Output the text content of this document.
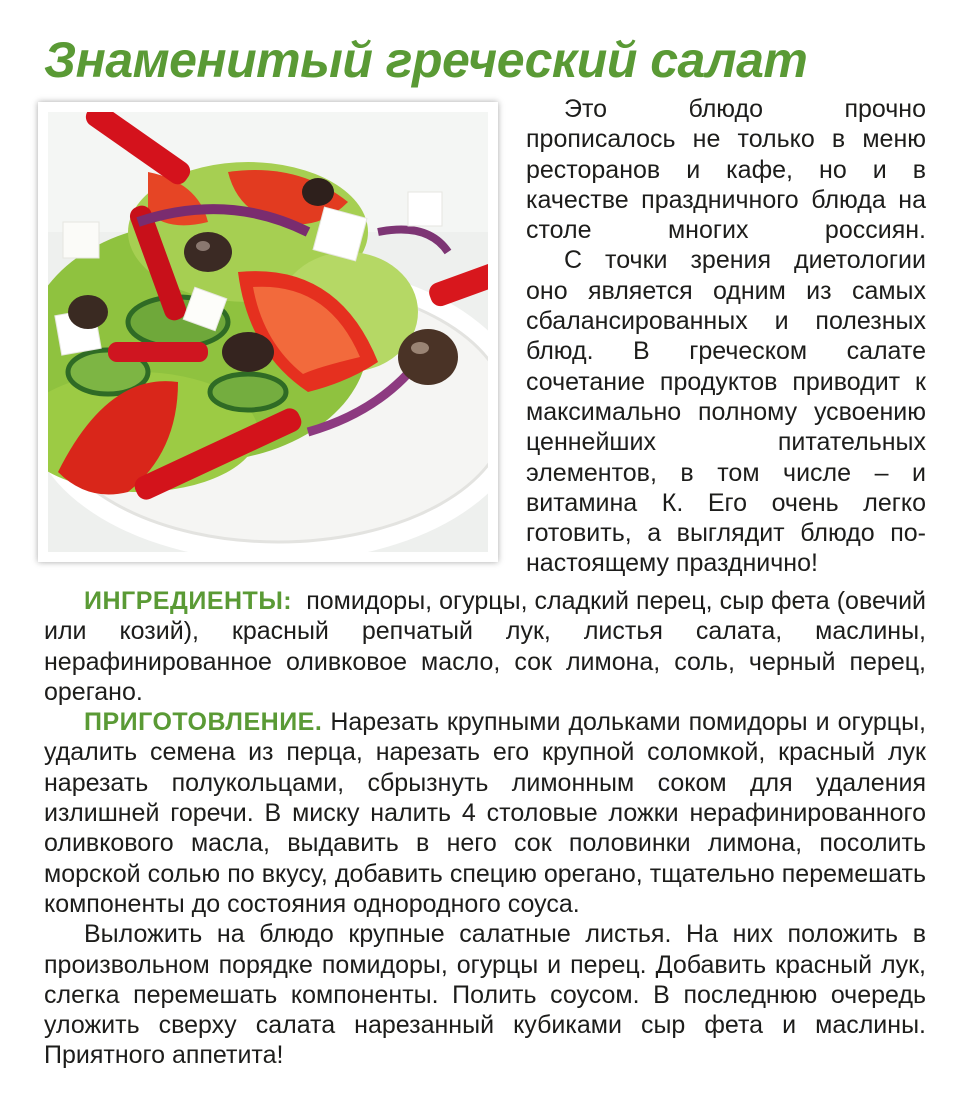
Знаменитый греческий салат

Это блюдо прочно прописалось не только в меню ресторанов и кафе, но и в качестве праздничного блюда на столе многих россиян.

С точки зрения диетологии оно является одним из самых сбалансированных и полезных блюд. В греческом салате сочетание продуктов приводит к максимально полному усвоению ценнейших питательных элементов, в том числе – и витамина К. Его очень легко готовить, а выглядит блюдо по-настоящему празднично!

ИНГРЕДИЕНТЫ: помидоры, огурцы, сладкий перец, сыр фета (овечий или козий), красный репчатый лук, листья салата, маслины, нерафинированное оливковое масло, сок лимона, соль, черный перец, орегано.

ПРИГОТОВЛЕНИЕ. Нарезать крупными дольками помидоры и огурцы, удалить семена из перца, нарезать его крупной соломкой, красный лук нарезать полукольцами, сбрызнуть лимонным соком для удаления излишней горечи. В миску налить 4 столовые ложки нерафинированного оливкового масла, выдавить в него сок половинки лимона, посолить морской солью по вкусу, добавить специю орегано, тщательно перемешать компоненты до состояния однородного соуса.

Выложить на блюдо крупные салатные листья. На них положить в произвольном порядке помидоры, огурцы и перец. Добавить красный лук, слегка перемешать компоненты. Полить соусом. В последнюю очередь уложить сверху салата нарезанный кубиками сыр фета и маслины. Приятного аппетита!
